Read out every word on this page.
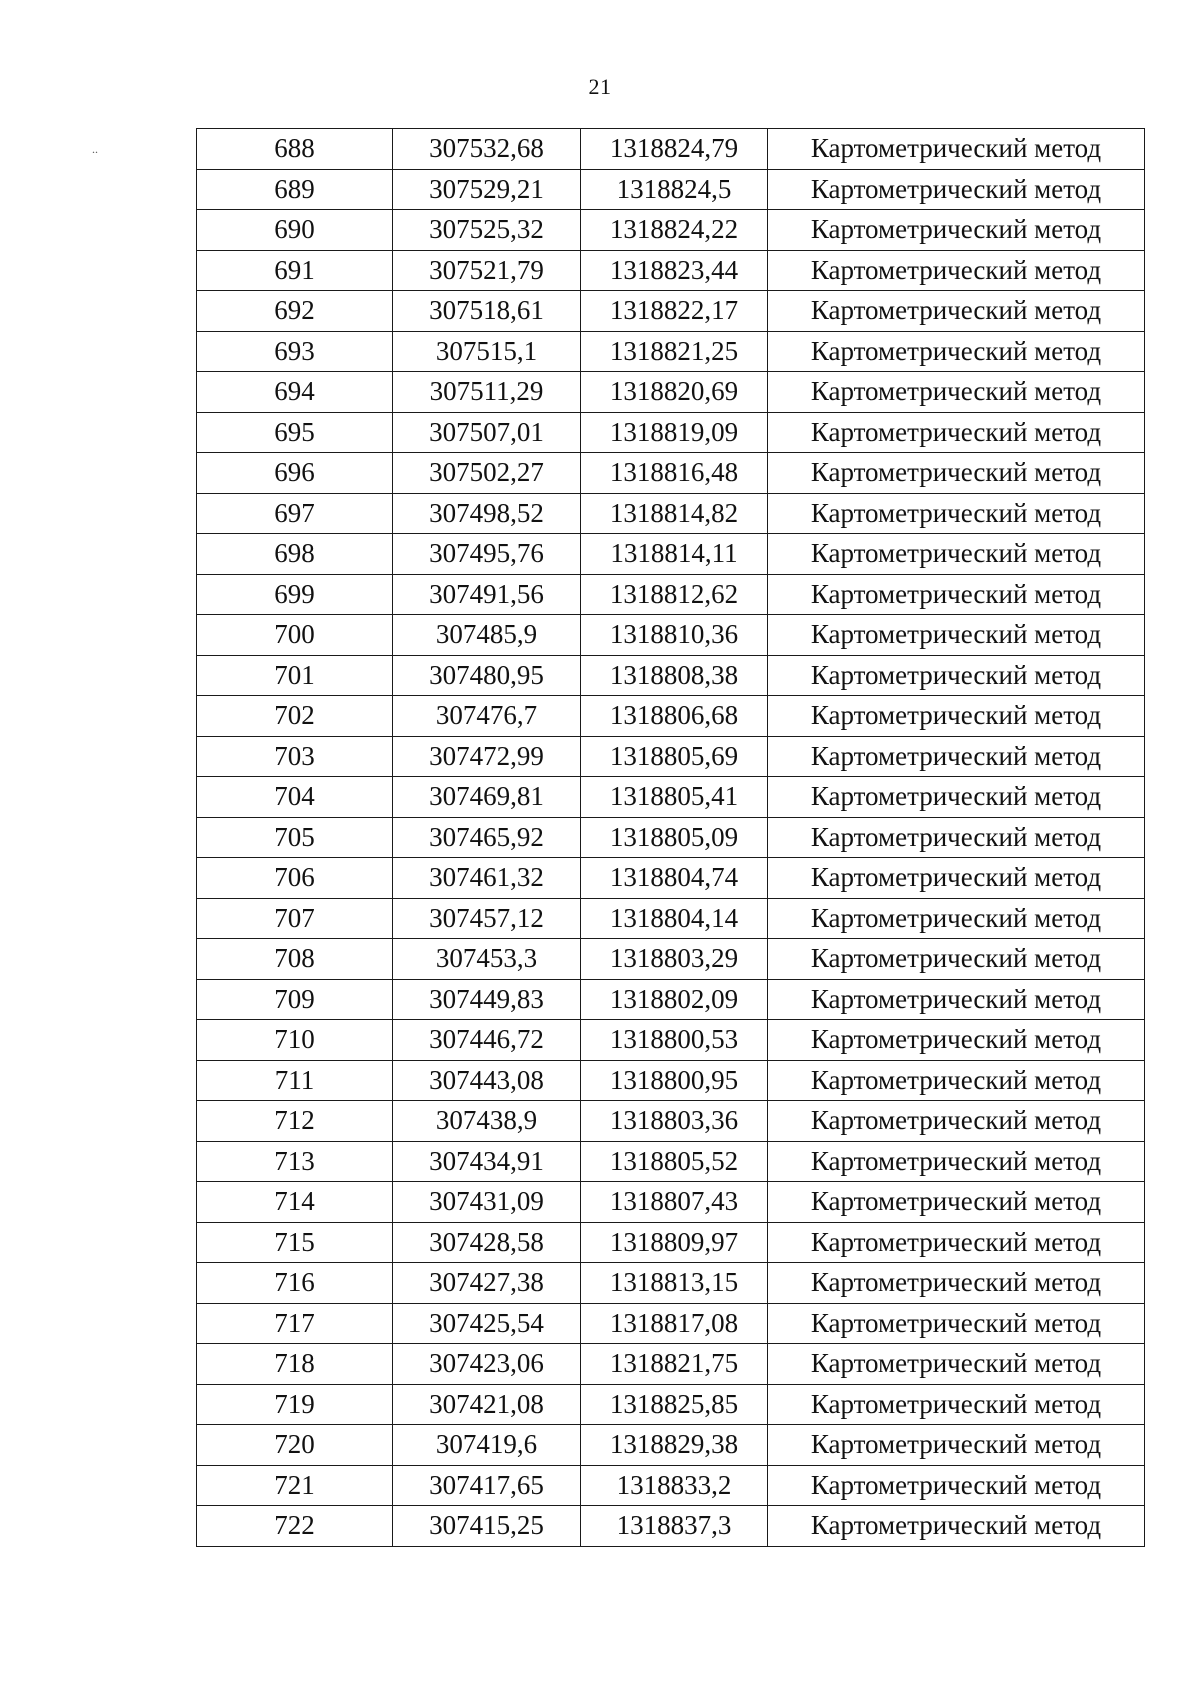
21
..	688	307532,68	1318824,79	Картометрический метод
689	307529,21	1318824,5	Картометрический метод
690	307525,32	1318824,22	Картометрический метод
691	307521,79	1318823,44	Картометрический метод
692	307518,61	1318822,17	Картометрический метод
693	307515,1	1318821,25	Картометрический метод
694	307511,29	1318820,69	Картометрический метод
695	307507,01	1318819,09	Картометрический метод
696	307502,27	1318816,48	Картометрический метод
697	307498,52	1318814,82	Картометрический метод
698	307495,76	1318814,11	Картометрический метод
699	307491,56	1318812,62	Картометрический метод
700	307485,9	1318810,36	Картометрический метод
701	307480,95	1318808,38	Картометрический метод
702	307476,7	1318806,68	Картометрический метод
703	307472,99	1318805,69	Картометрический метод
704	307469,81	1318805,41	Картометрический метод
705	307465,92	1318805,09	Картометрический метод
706	307461,32	1318804,74	Картометрический метод
707	307457,12	1318804,14	Картометрический метод
708	307453,3	1318803,29	Картометрический метод
709	307449,83	1318802,09	Картометрический метод
710	307446,72	1318800,53	Картометрический метод
711	307443,08	1318800,95	Картометрический метод
712	307438,9	1318803,36	Картометрический метод
713	307434,91	1318805,52	Картометрический метод
714	307431,09	1318807,43	Картометрический метод
715	307428,58	1318809,97	Картометрический метод
716	307427,38	1318813,15	Картометрический метод
717	307425,54	1318817,08	Картометрический метод
718	307423,06	1318821,75	Картометрический метод
719	307421,08	1318825,85	Картометрический метод
720	307419,6	1318829,38	Картометрический метод
721	307417,65	1318833,2	Картометрический метод
722	307415,25	1318837,3	Картометрический метод
